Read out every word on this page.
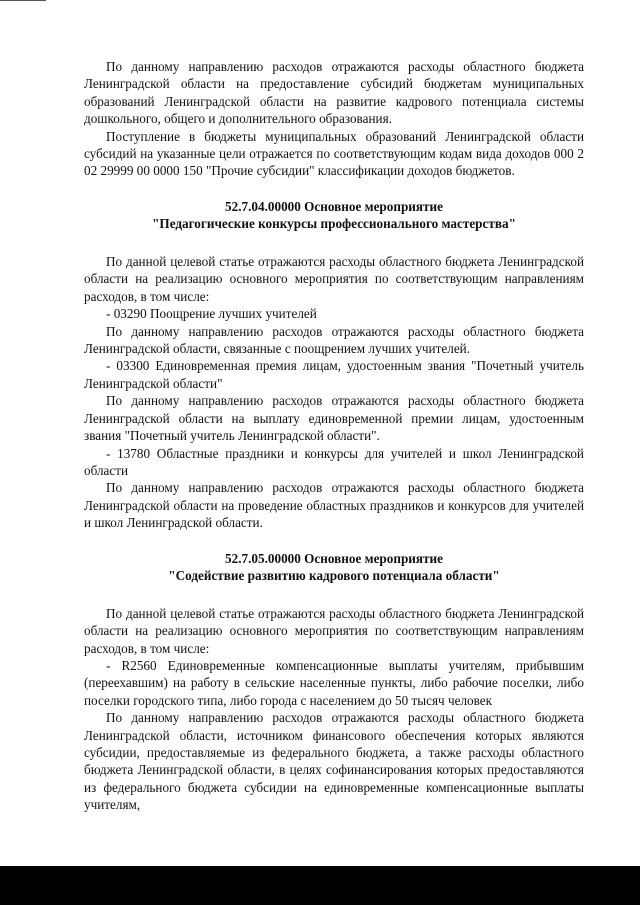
По данному направлению расходов отражаются расходы областного бюджета Ленинградской области на предоставление субсидий бюджетам муниципальных образований Ленинградской области на развитие кадрового потенциала системы дошкольного, общего и дополнительного образования.

Поступление в бюджеты муниципальных образований Ленинградской области субсидий на указанные цели отражается по соответствующим кодам вида доходов 000 2 02 29999 00 0000 150 "Прочие субсидии" классификации доходов бюджетов.

52.7.04.00000 Основное мероприятие

"Педагогические конкурсы профессионального мастерства"

По данной целевой статье отражаются расходы областного бюджета Ленинградской области на реализацию основного мероприятия по соответствующим направлениям расходов, в том числе:

- 03290 Поощрение лучших учителей

По данному направлению расходов отражаются расходы областного бюджета Ленинградской области, связанные с поощрением лучших учителей.

- 03300 Единовременная премия лицам, удостоенным звания "Почетный учитель Ленинградской области"

По данному направлению расходов отражаются расходы областного бюджета Ленинградской области на выплату единовременной премии лицам, удостоенным звания "Почетный учитель Ленинградской области".

- 13780 Областные праздники и конкурсы для учителей и школ Ленинградской области

По данному направлению расходов отражаются расходы областного бюджета Ленинградской области на проведение областных праздников и конкурсов для учителей и школ Ленинградской области.

52.7.05.00000 Основное мероприятие

"Содействие развитию кадрового потенциала области"

По данной целевой статье отражаются расходы областного бюджета Ленинградской области на реализацию основного мероприятия по соответствующим направлениям расходов, в том числе:

- R2560 Единовременные компенсационные выплаты учителям, прибывшим (переехавшим) на работу в сельские населенные пункты, либо рабочие поселки, либо поселки городского типа, либо города с населением до 50 тысяч человек

По данному направлению расходов отражаются расходы областного бюджета Ленинградской области, источником финансового обеспечения которых являются субсидии, предоставляемые из федерального бюджета, а также расходы областного бюджета Ленинградской области, в целях софинансирования которых предоставляются из федерального бюджета субсидии на единовременные компенсационные выплаты учителям,
